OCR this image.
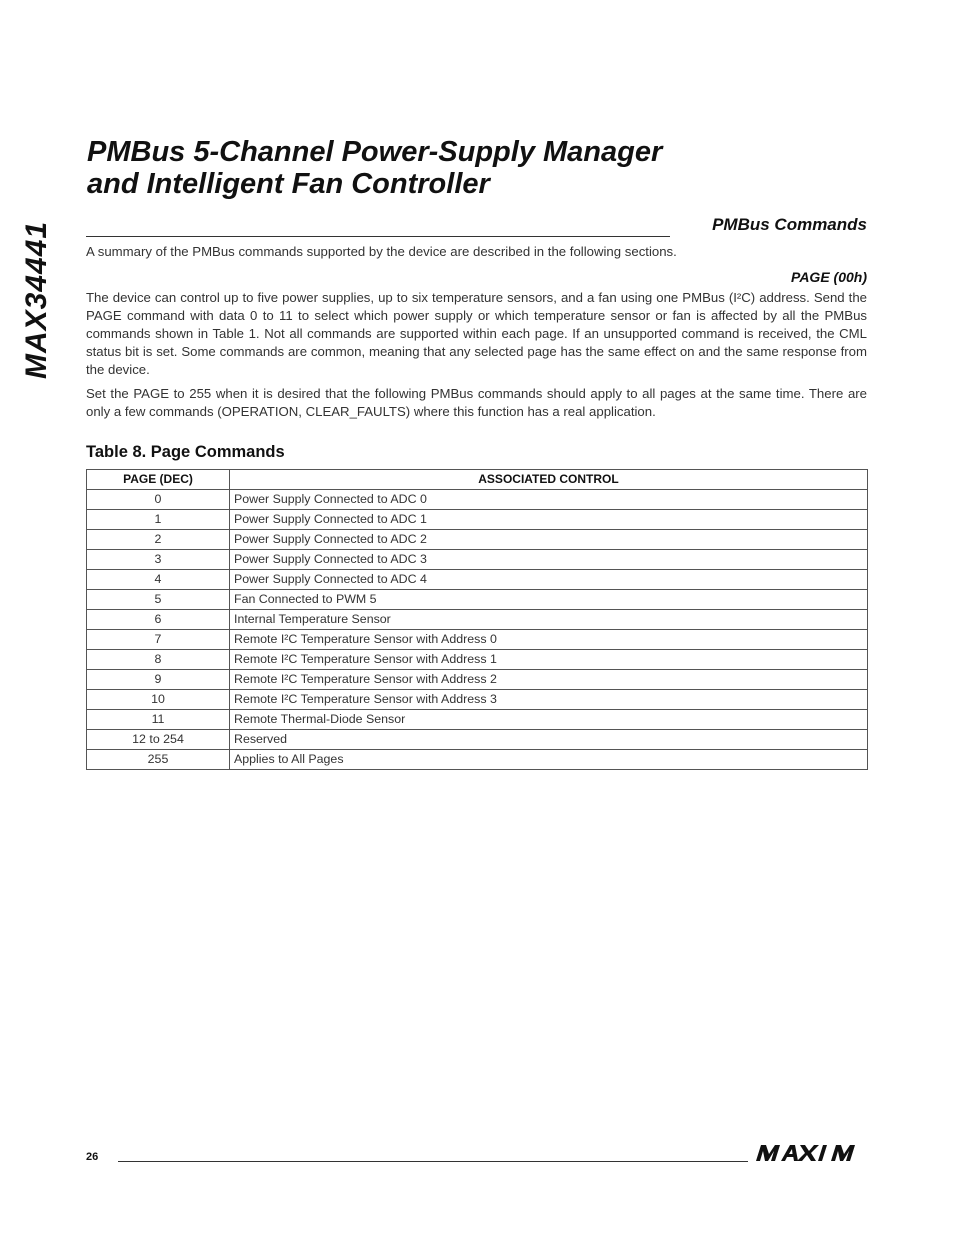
MAX34441
PMBus 5-Channel Power-Supply Manager
and Intelligent Fan Controller
PMBus Commands

A summary of the PMBus commands supported by the device are described in the following sections.

PAGE (00h)

The device can control up to five power supplies, up to six temperature sensors, and a fan using one PMBus (I²C) address. Send the PAGE command with data 0 to 11 to select which power supply or which temperature sensor or fan is affected by all the PMBus commands shown in Table 1. Not all commands are supported within each page. If an unsupported command is received, the CML status bit is set. Some commands are common, meaning that any selected page has the same effect on and the same response from the device.

Set the PAGE to 255 when it is desired that the following PMBus commands should apply to all pages at the same time. There are only a few commands (OPERATION, CLEAR_FAULTS) where this function has a real application.

Table 8. Page Commands
PAGE (DEC)	ASSOCIATED CONTROL
0	Power Supply Connected to ADC 0
1	Power Supply Connected to ADC 1
2	Power Supply Connected to ADC 2
3	Power Supply Connected to ADC 3
4	Power Supply Connected to ADC 4
5	Fan Connected to PWM 5
6	Internal Temperature Sensor
7	Remote I²C Temperature Sensor with Address 0
8	Remote I²C Temperature Sensor with Address 1
9	Remote I²C Temperature Sensor with Address 2
10	Remote I²C Temperature Sensor with Address 3
11	Remote Thermal-Diode Sensor
12 to 254	Reserved
255	Applies to All Pages
26
